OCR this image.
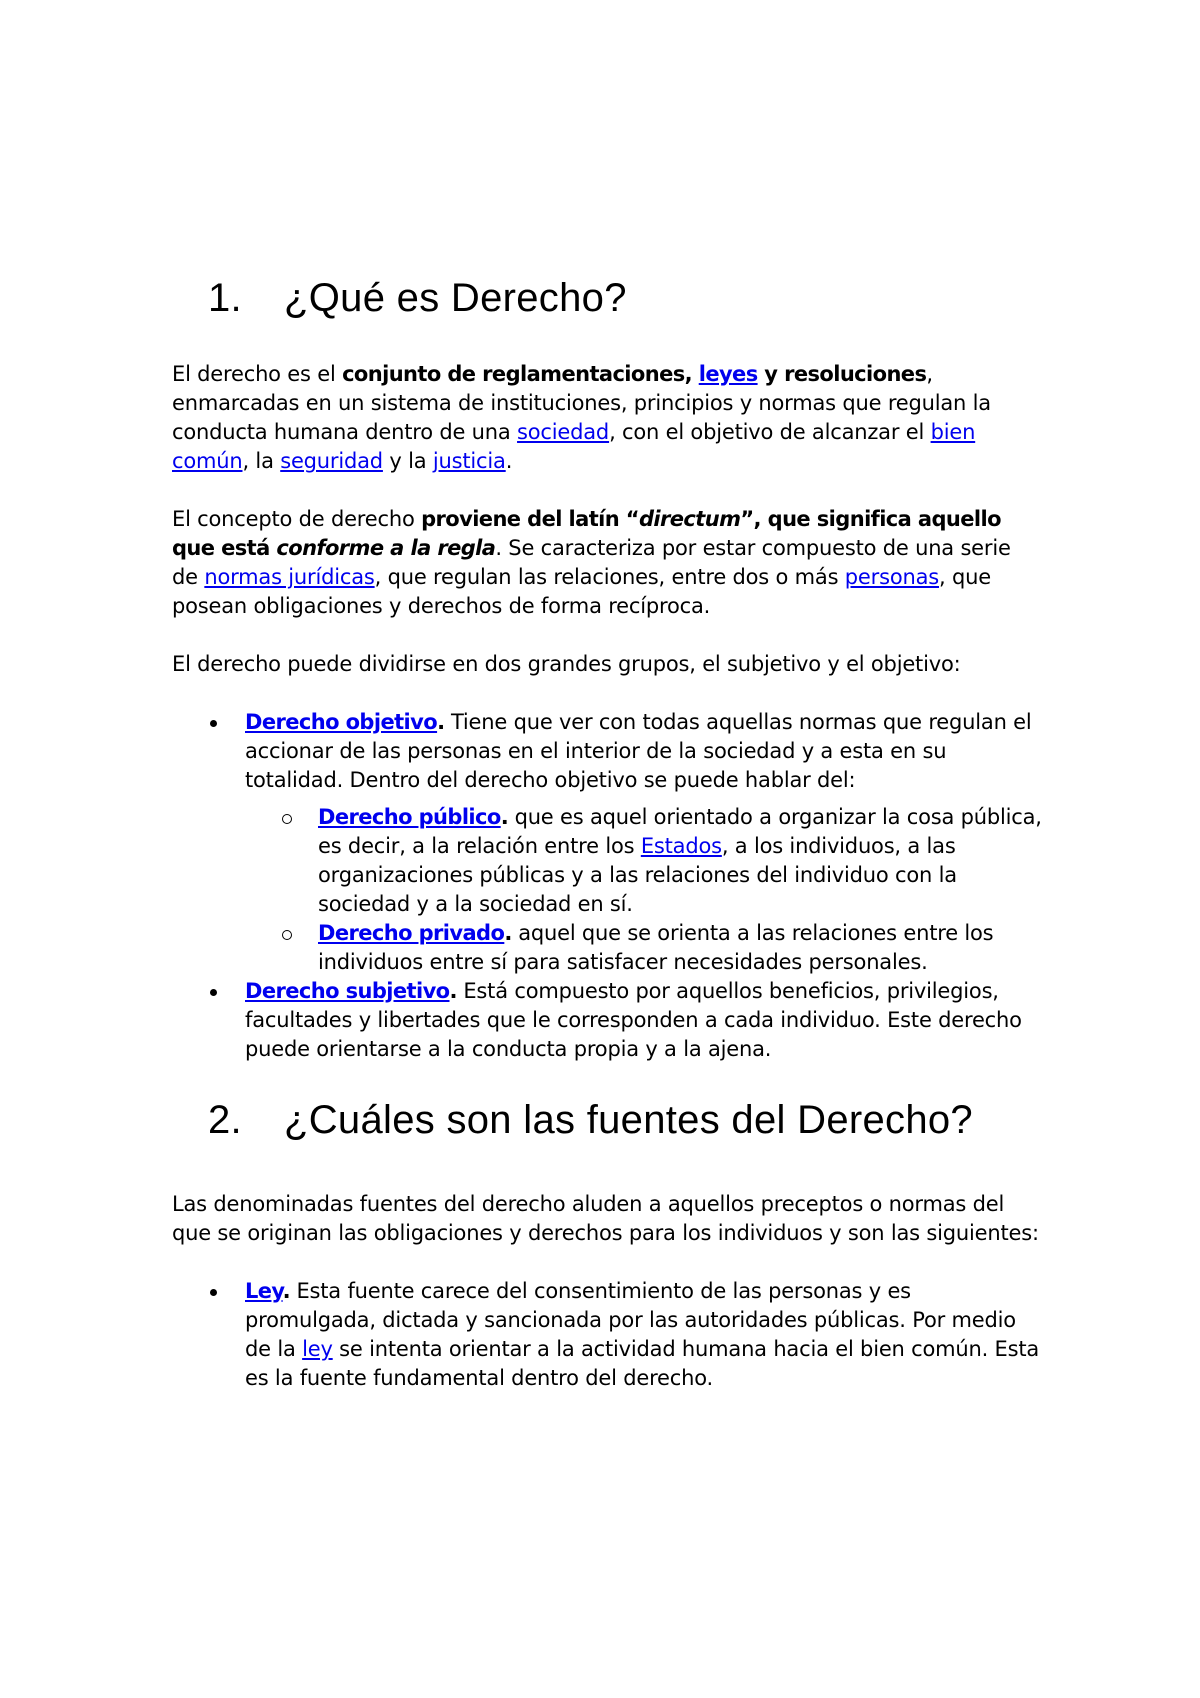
1.	¿Qué es Derecho?

El derecho es el conjunto de reglamentaciones, leyes y resoluciones, enmarcadas en un sistema de instituciones, principios y normas que regulan la conducta humana dentro de una sociedad, con el objetivo de alcanzar el bien común, la seguridad y la justicia.

El concepto de derecho proviene del latín “directum”, que significa aquello que está conforme a la regla. Se caracteriza por estar compuesto de una serie de normas jurídicas, que regulan las relaciones, entre dos o más personas, que posean obligaciones y derechos de forma recíproca.

El derecho puede dividirse en dos grandes grupos, el subjetivo y el objetivo:

Derecho objetivo. Tiene que ver con todas aquellas normas que regulan el accionar de las personas en el interior de la sociedad y a esta en su totalidad. Dentro del derecho objetivo se puede hablar del:
Derecho público. que es aquel orientado a organizar la cosa pública, es decir, a la relación entre los Estados, a los individuos, a las organizaciones públicas y a las relaciones del individuo con la sociedad y a la sociedad en sí.
Derecho privado. aquel que se orienta a las relaciones entre los individuos entre sí para satisfacer necesidades personales.
Derecho subjetivo. Está compuesto por aquellos beneficios, privilegios, facultades y libertades que le corresponden a cada individuo. Este derecho puede orientarse a la conducta propia y a la ajena.
2.	¿Cuáles son las fuentes del Derecho?

Las denominadas fuentes del derecho aluden a aquellos preceptos o normas del que se originan las obligaciones y derechos para los individuos y son las siguientes:

Ley. Esta fuente carece del consentimiento de las personas y es promulgada, dictada y sancionada por las autoridades públicas. Por medio de la ley se intenta orientar a la actividad humana hacia el bien común. Esta es la fuente fundamental dentro del derecho.
